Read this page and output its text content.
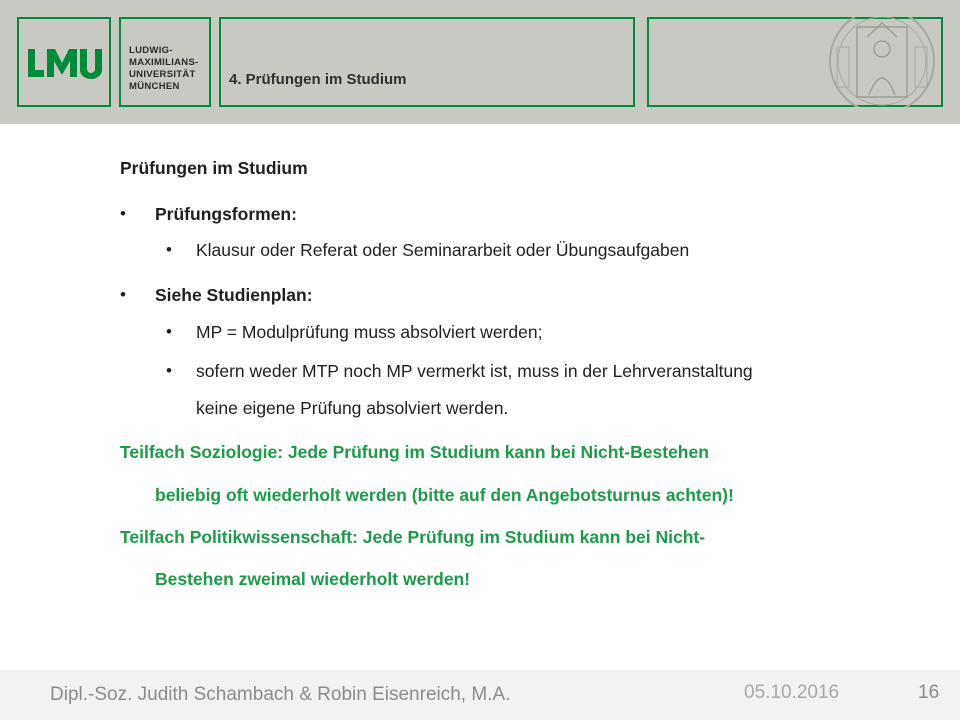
LUDWIG-
MAXIMILIANS-
UNIVERSITÄT
MÜNCHEN	4. Prüfungen im Studium
Prüfungen im Studium
• Prüfungsformen:
• Klausur oder Referat oder Seminararbeit oder Übungsaufgaben
• Siehe Studienplan:
• MP = Modulprüfung muss absolviert werden;
• sofern weder MTP noch MP vermerkt ist, muss in der Lehrveranstaltung
keine eigene Prüfung absolviert werden.
Teilfach Soziologie: Jede Prüfung im Studium kann bei Nicht-Bestehen
beliebig oft wiederholt werden (bitte auf den Angebotsturnus achten)!
Teilfach Politikwissenschaft: Jede Prüfung im Studium kann bei Nicht-
Bestehen zweimal wiederholt werden!
Dipl.-Soz. Judith Schambach & Robin Eisenreich, M.A.	05.10.2016	16
